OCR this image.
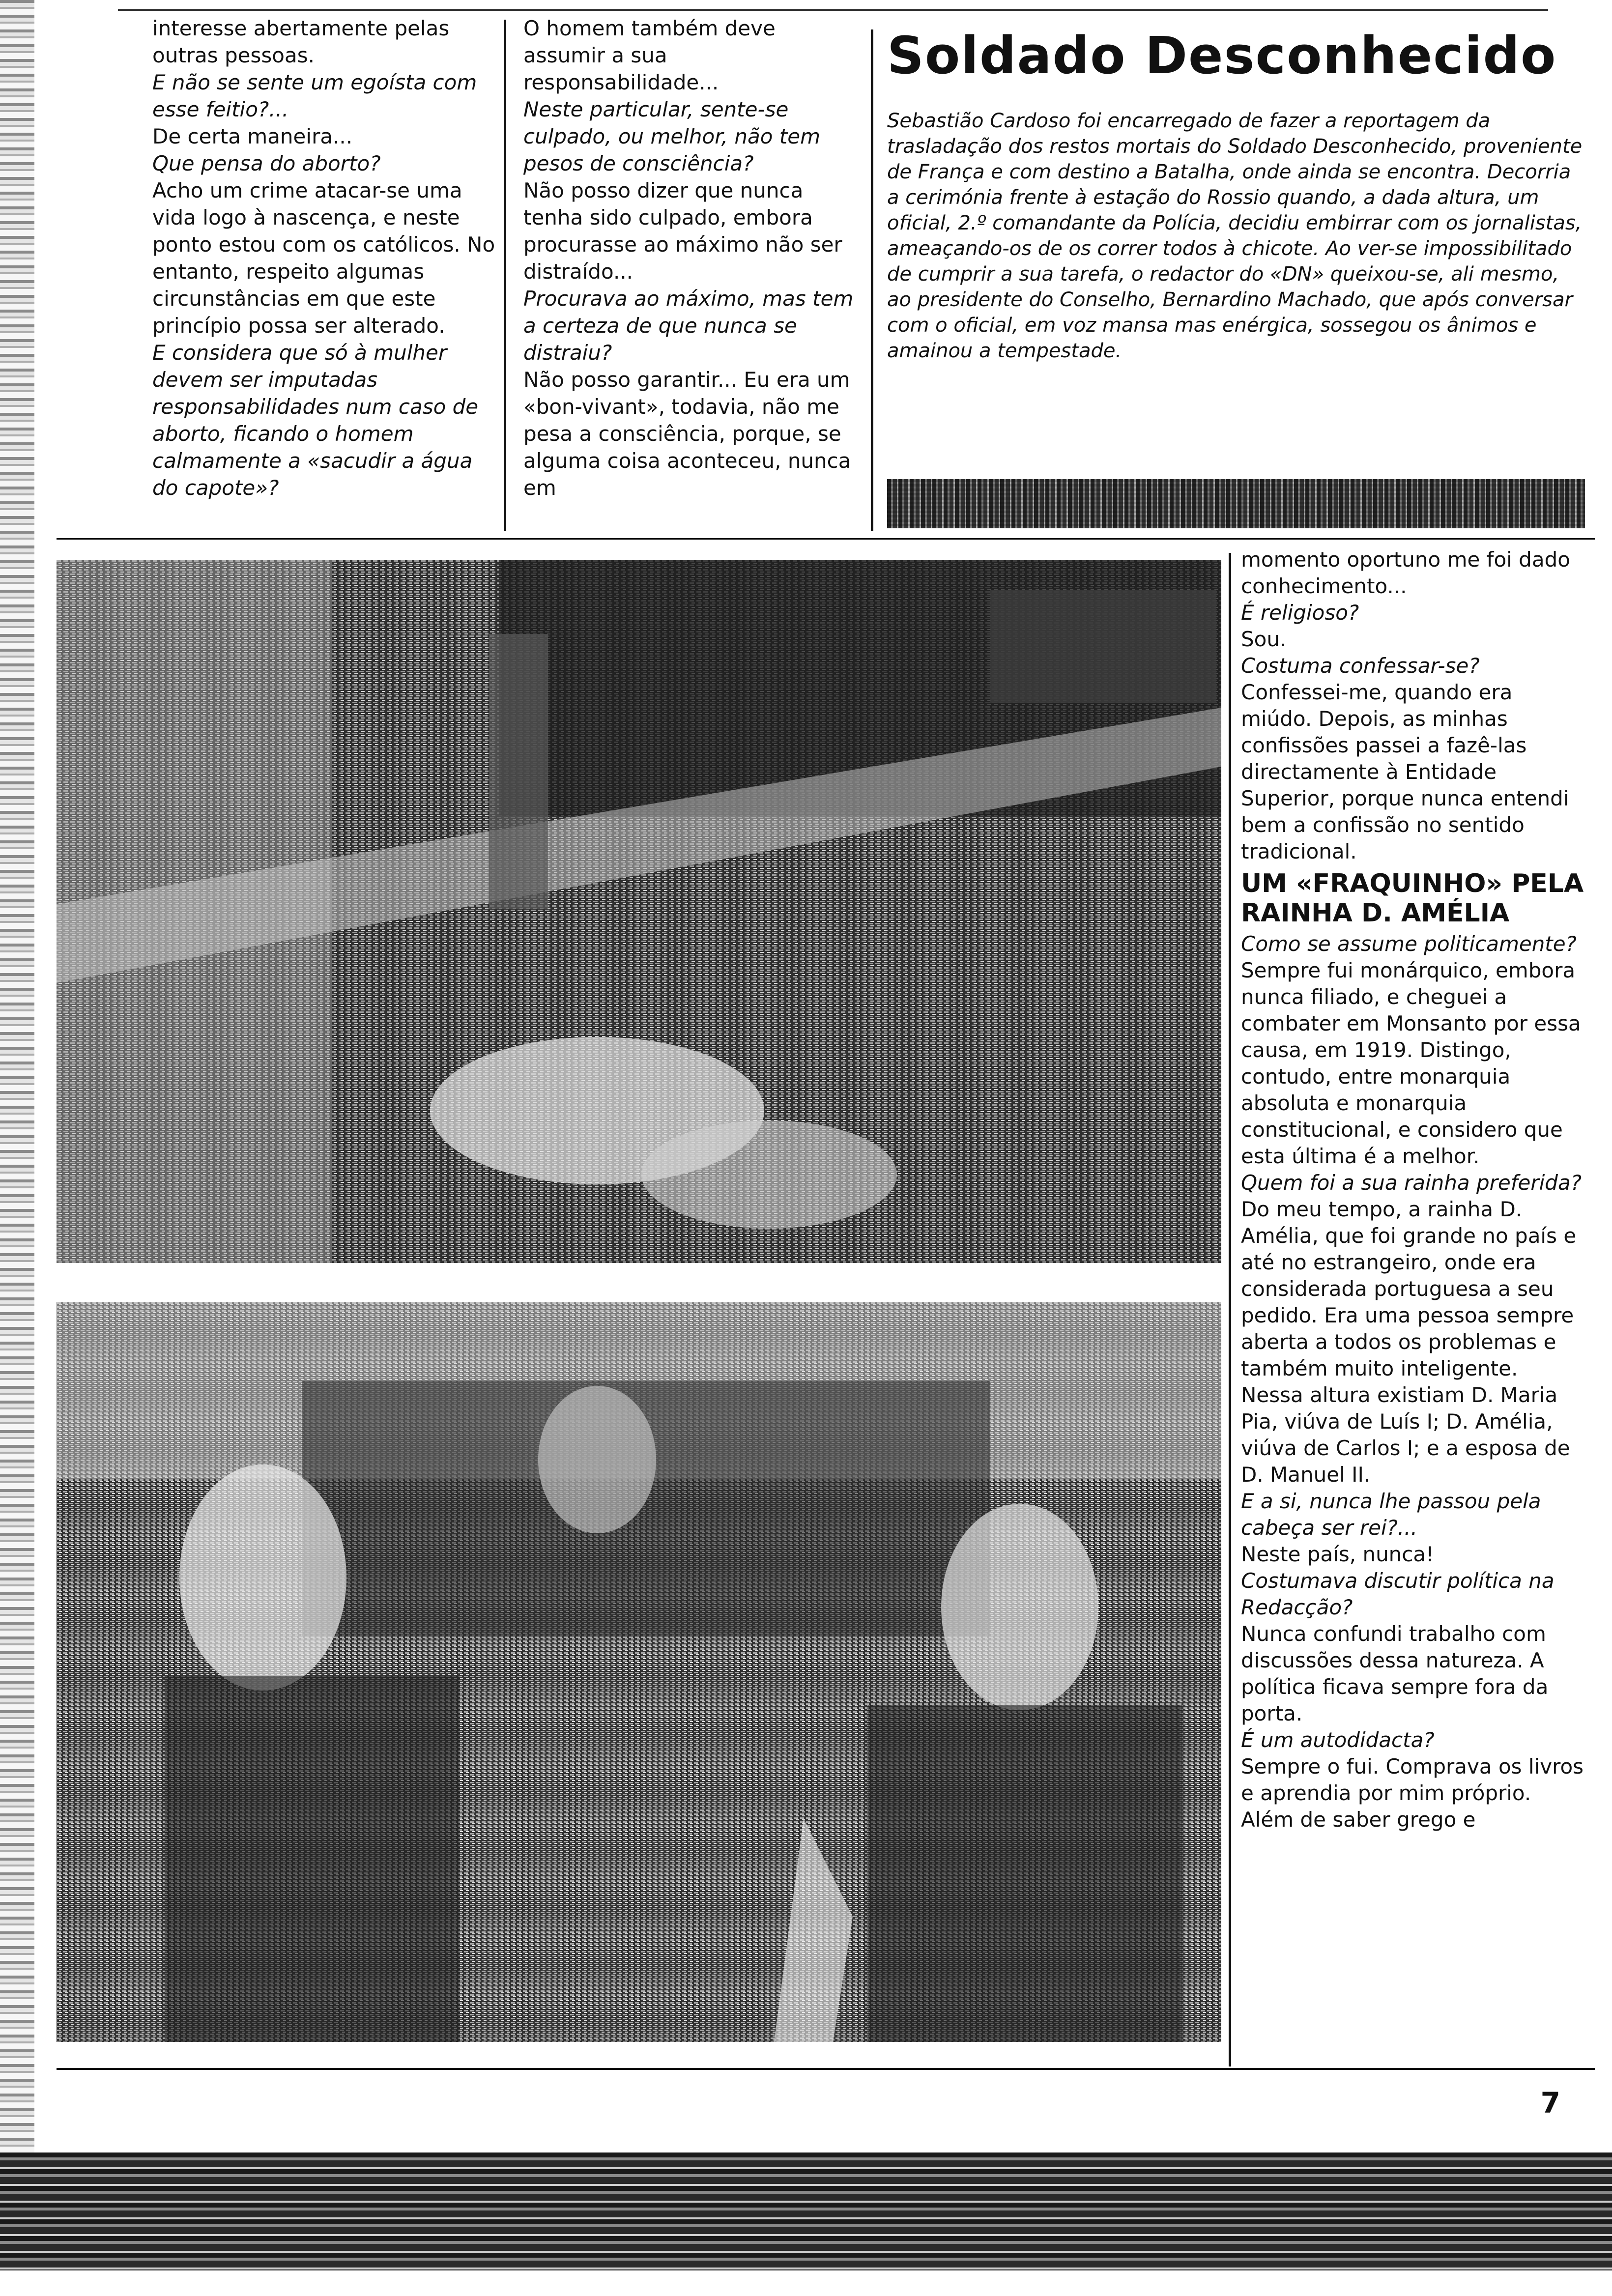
interesse abertamente pelas outras pessoas.

E não se sente um egoísta com esse feitio?...

De certa maneira...

Que pensa do aborto?

Acho um crime atacar-se uma vida logo à nascença, e neste ponto estou com os católicos. No entanto, respeito algumas circunstâncias em que este princípio possa ser alterado.

E considera que só à mulher devem ser imputadas responsabilidades num caso de aborto, ficando o homem calmamente a «sacudir a água do capote»?

O homem também deve assumir a sua responsabilidade...

Neste particular, sente-se culpado, ou melhor, não tem pesos de consciência?

Não posso dizer que nunca tenha sido culpado, embora procurasse ao máximo não ser distraído...

Procurava ao máximo, mas tem a certeza de que nunca se distraiu?

Não posso garantir... Eu era um «bon-vivant», todavia, não me pesa a consciência, porque, se alguma coisa aconteceu, nunca em

Soldado Desconhecido

Sebastião Cardoso foi encarregado de fazer a reportagem da trasladação dos restos mortais do Soldado Desconhecido, proveniente de França e com destino a Batalha, onde ainda se encontra. Decorria a cerimónia frente à estação do Rossio quando, a dada altura, um oficial, 2.º comandante da Polícia, decidiu embirrar com os jornalistas, ameaçando-os de os correr todos à chicote. Ao ver-se impossibilitado de cumprir a sua tarefa, o redactor do «DN» queixou-se, ali mesmo, ao presidente do Conselho, Bernardino Machado, que após conversar com o oficial, em voz mansa mas enérgica, sossegou os ânimos e amainou a tempestade.

momento oportuno me foi dado conhecimento...

É religioso?

Sou.

Costuma confessar-se?

Confessei-me, quando era miúdo. Depois, as minhas confissões passei a fazê-las directamente à Entidade Superior, porque nunca entendi bem a confissão no sentido tradicional.

UM «FRAQUINHO» PELA RAINHA D. AMÉLIA

Como se assume politicamente?

Sempre fui monárquico, embora nunca filiado, e cheguei a combater em Monsanto por essa causa, em 1919. Distingo, contudo, entre monarquia absoluta e monarquia constitucional, e considero que esta última é a melhor.

Quem foi a sua rainha preferida?

Do meu tempo, a rainha D. Amélia, que foi grande no país e até no estrangeiro, onde era considerada portuguesa a seu pedido. Era uma pessoa sempre aberta a todos os problemas e também muito inteligente. Nessa altura existiam D. Maria Pia, viúva de Luís I; D. Amélia, viúva de Carlos I; e a esposa de D. Manuel II.

E a si, nunca lhe passou pela cabeça ser rei?...

Neste país, nunca!

Costumava discutir política na Redacção?

Nunca confundi trabalho com discussões dessa natureza. A política ficava sempre fora da porta.

É um autodidacta?

Sempre o fui. Comprava os livros e aprendia por mim próprio. Além de saber grego e

7
